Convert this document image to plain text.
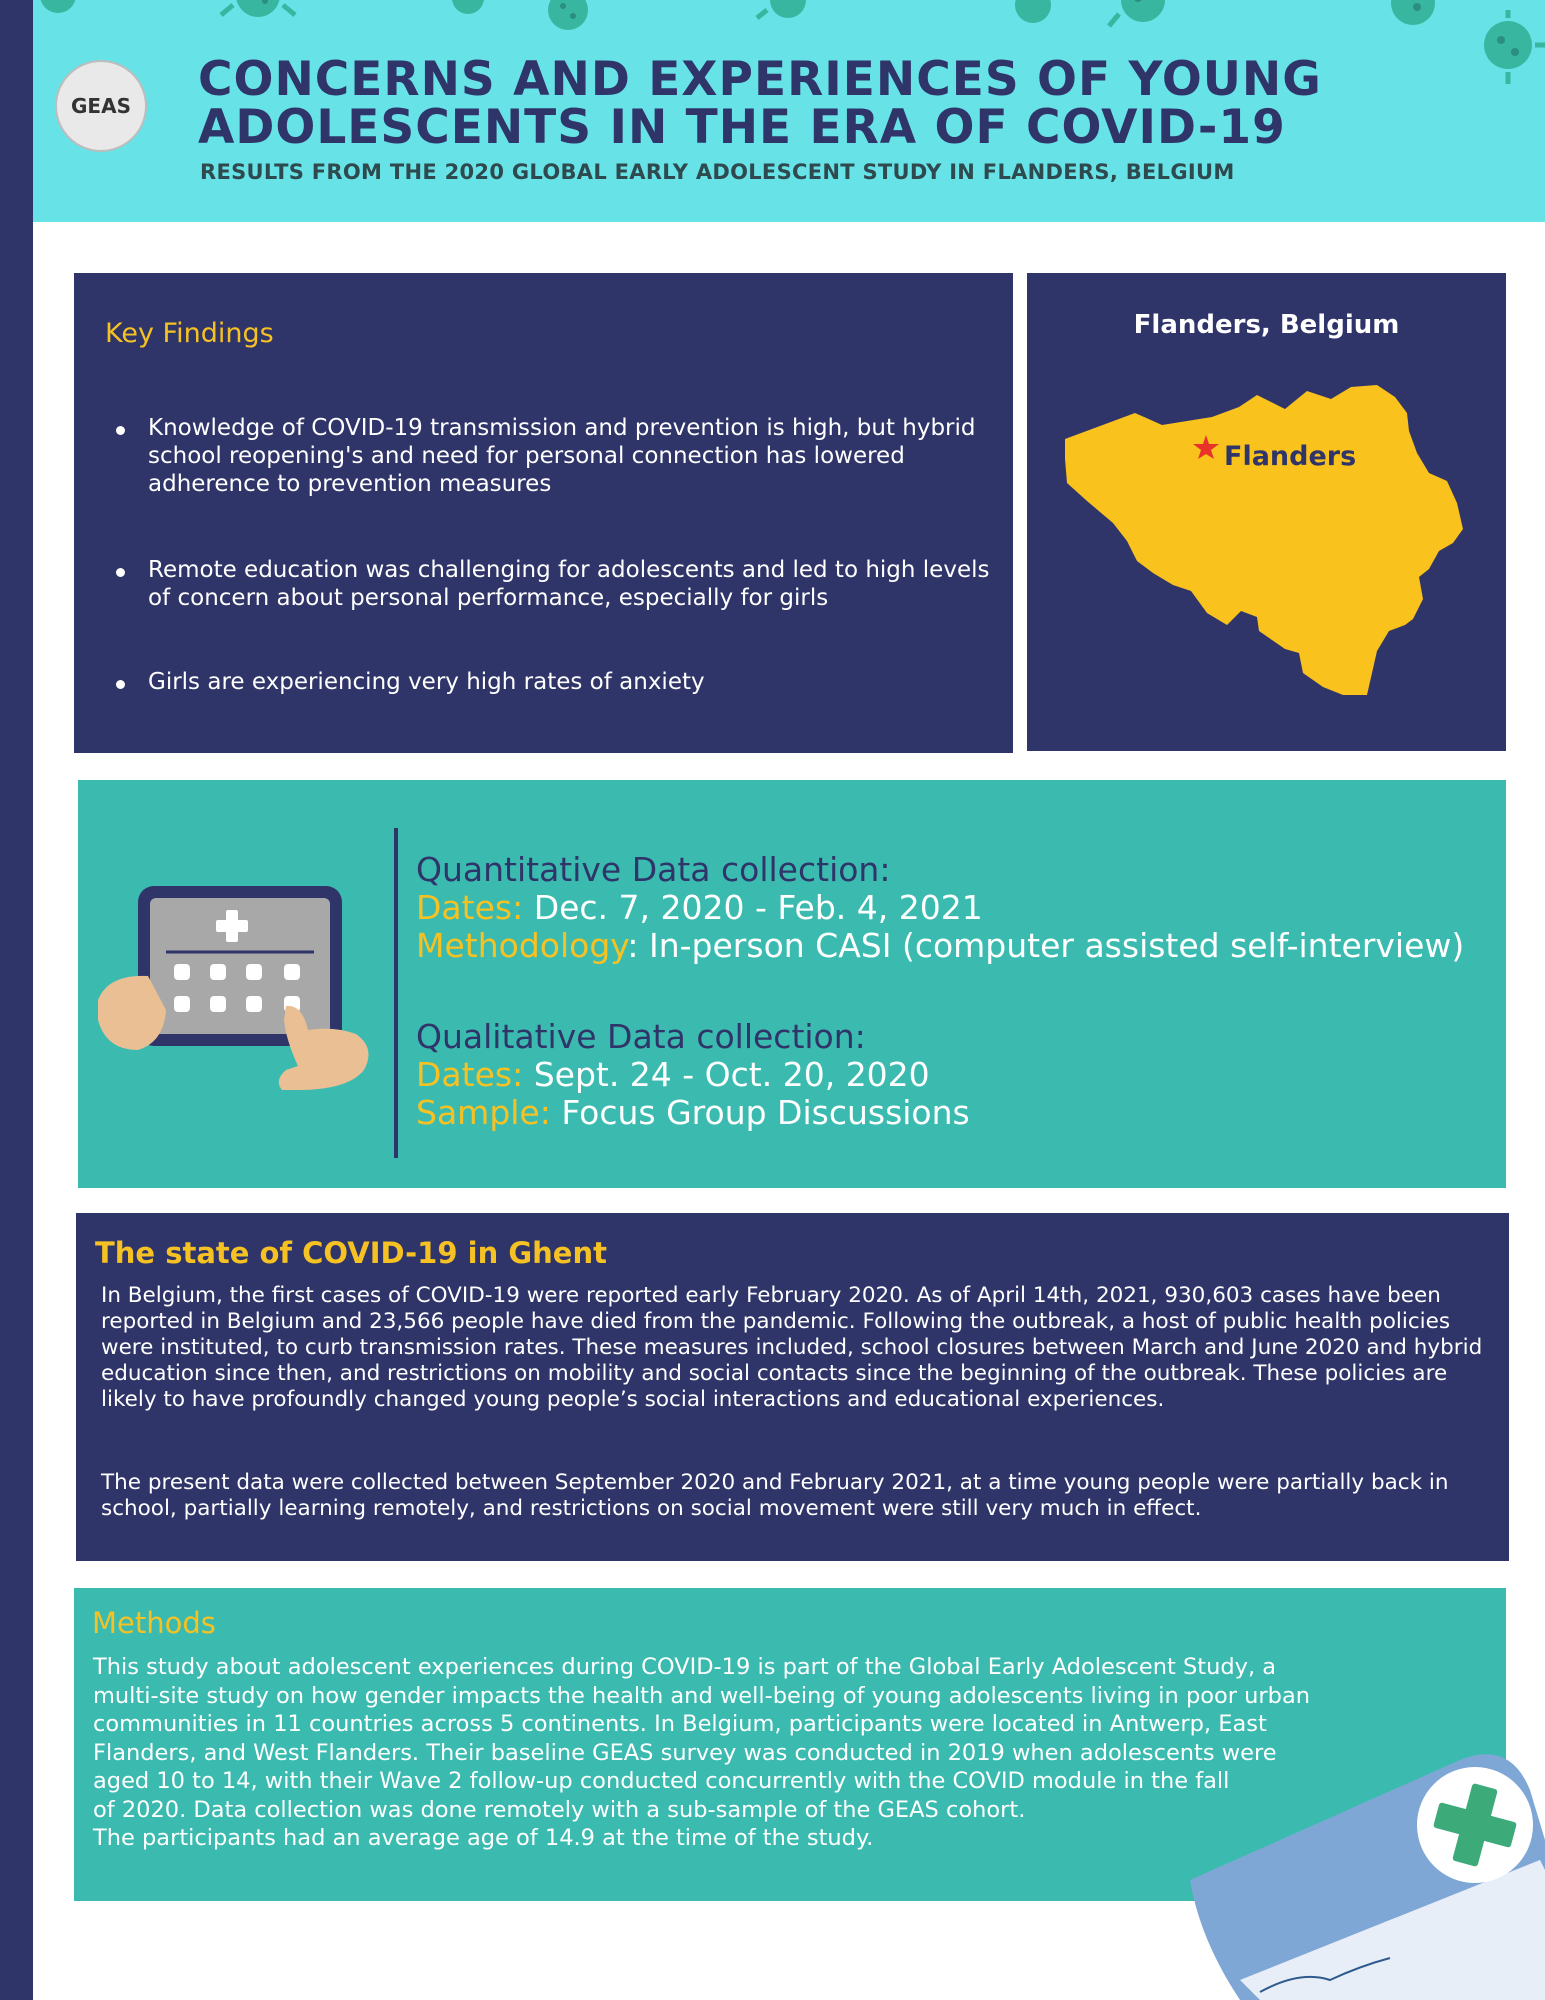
GEAS CONCERNS AND EXPERIENCES OF YOUNG
ADOLESCENTS IN THE ERA OF COVID-19
RESULTS FROM THE 2020 GLOBAL EARLY ADOLESCENT STUDY IN FLANDERS, BELGIUM
Key Findings
Knowledge of COVID-19 transmission and prevention is high, but hybrid school reopening's and need for personal connection has lowered adherence to prevention measures
Remote education was challenging for adolescents and led to high levels of concern about personal performance, especially for girls
Girls are experiencing very high rates of anxiety
Flanders, Belgium
Flanders
Quantitative Data collection:
Dates: Dec. 7, 2020 - Feb. 4, 2021
Methodology: In-person CASI (computer assisted self-interview)
Qualitative Data collection:
Dates: Sept. 24 - Oct. 20, 2020
Sample: Focus Group Discussions
The state of COVID-19 in Ghent
In Belgium, the first cases of COVID-19 were reported early February 2020. As of April 14th, 2021, 930,603 cases have been reported in Belgium and 23,566 people have died from the pandemic. Following the outbreak, a host of public health policies were instituted, to curb transmission rates. These measures included, school closures between March and June 2020 and hybrid education since then, and restrictions on mobility and social contacts since the beginning of the outbreak. These policies are likely to have profoundly changed young people’s social interactions and educational experiences.
The present data were collected between September 2020 and February 2021, at a time young people were partially back in school, partially learning remotely, and restrictions on social movement were still very much in effect.
Methods
This study about adolescent experiences during COVID-19 is part of the Global Early Adolescent Study, a
multi-site study on how gender impacts the health and well-being of young adolescents living in poor urban
communities in 11 countries across 5 continents. In Belgium, participants were located in Antwerp, East
Flanders, and West Flanders. Their baseline GEAS survey was conducted in 2019 when adolescents were
aged 10 to 14, with their Wave 2 follow-up conducted concurrently with the COVID module in the fall
of 2020. Data collection was done remotely with a sub-sample of the GEAS cohort.
The participants had an average age of 14.9 at the time of the study.
